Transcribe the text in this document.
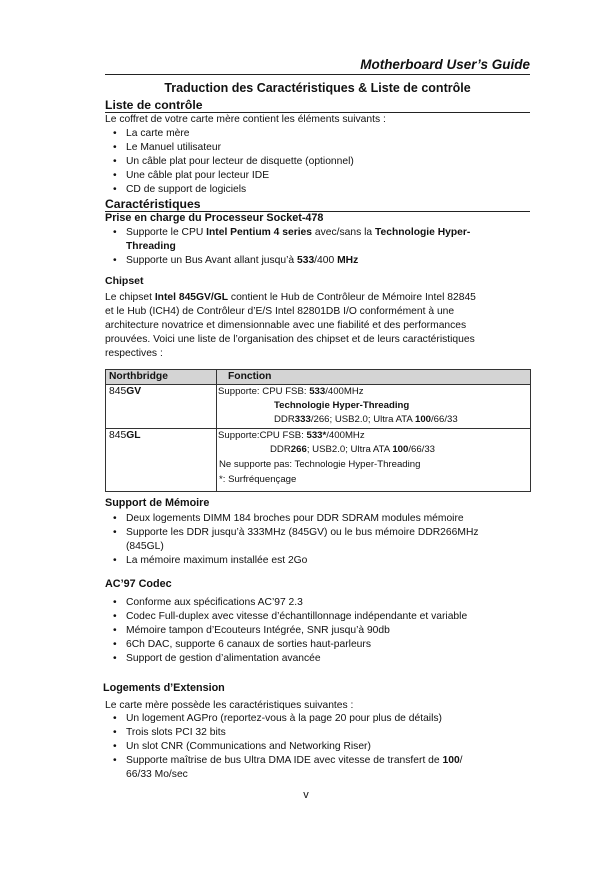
Motherboard User’s Guide
Traduction des Caractéristiques & Liste de contrôle
Liste de contrôle
Le coffret de votre carte mère contient les éléments suivants :
• La carte mère
• Le Manuel utilisateur
• Un câble plat pour lecteur de disquette (optionnel)
• Une câble plat pour lecteur IDE
• CD de support de logiciels
Caractéristiques
Prise en charge du Processeur Socket-478
• Supporte le CPU Intel Pentium 4 series avec/sans la Technologie Hyper-
Threading
• Supporte un Bus Avant allant jusqu’à 533/400 MHz
Chipset
Le chipset Intel 845GV/GL contient le Hub de Contrôleur de Mémoire Intel 82845
et le Hub (ICH4) de Contrôleur d’E/S Intel 82801DB I/O conformément à une
architecture novatrice et dimensionnable avec une fiabilité et des performances
prouvées. Voici une liste de l’organisation des chipset et de leurs caractéristiques
respectives :
Northbridge	Fonction
845GV	Supporte: CPU FSB: 533/400MHz
Technologie Hyper-Threading
DDR333/266; USB2.0; Ultra ATA 100/66/33
845GL	Supporte:CPU FSB: 533*/400MHz
DDR266; USB2.0; Ultra ATA 100/66/33
Ne supporte pas: Technologie Hyper-Threading
*: Surfréquençage
Support de Mémoire
• Deux logements DIMM 184 broches pour DDR SDRAM modules mémoire
• Supporte les DDR jusqu’à 333MHz (845GV) ou le bus mémoire DDR266MHz
(845GL)
• La mémoire maximum installée est 2Go
AC’97 Codec
• Conforme aux spécifications AC’97 2.3
• Codec Full-duplex avec vitesse d’échantillonnage indépendante et variable
• Mémoire tampon d’Ecouteurs Intégrée, SNR jusqu’à 90db
• 6Ch DAC, supporte 6 canaux de sorties haut-parleurs
• Support de gestion d’alimentation avancée
Logements d’Extension
Le carte mère possède les caractéristiques suivantes :
• Un logement AGPro (reportez-vous à la page 20 pour plus de détails)
• Trois slots PCI 32 bits
• Un slot CNR (Communications and Networking Riser)
• Supporte maîtrise de bus Ultra DMA IDE avec vitesse de transfert de 100/
66/33 Mo/sec
v
